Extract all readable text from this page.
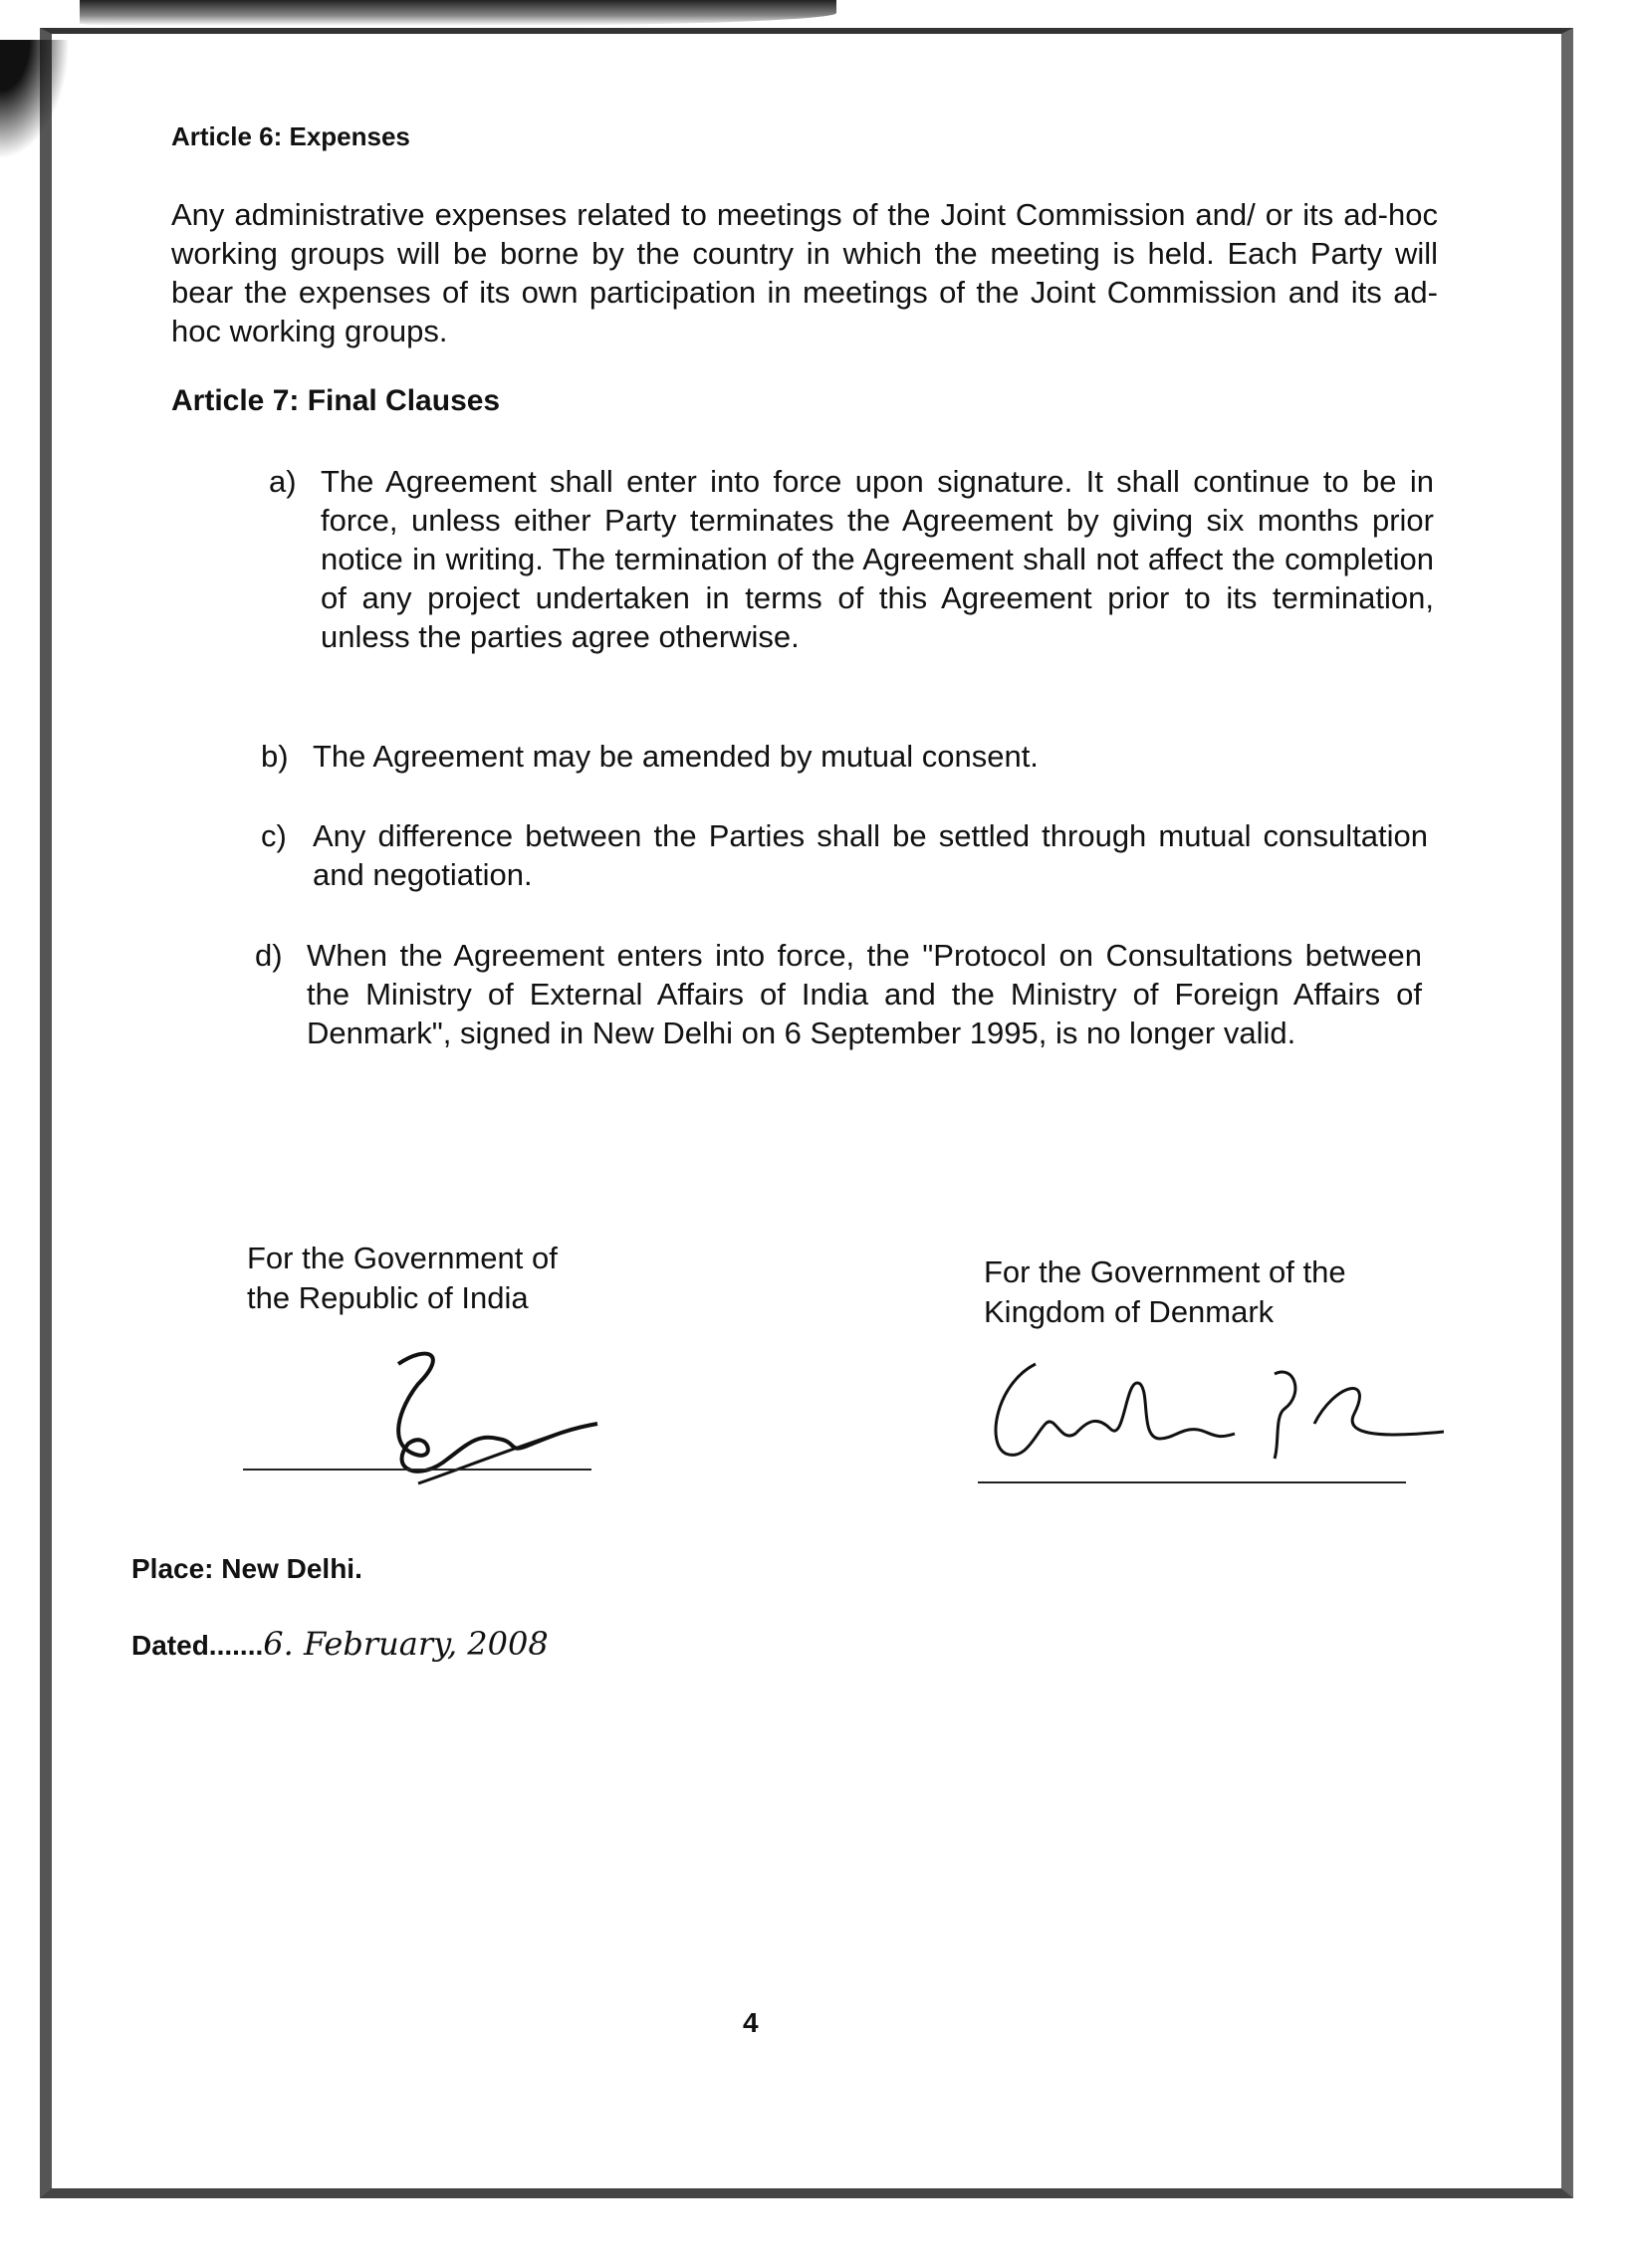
Article 6: Expenses
Any administrative expenses related to meetings of the Joint Commission and/ or its ad-hoc working groups will be borne by the country in which the meeting is held. Each Party will bear the expenses of its own participation in meetings of the Joint Commission and its ad-hoc working groups.
Article 7: Final Clauses
a) The Agreement shall enter into force upon signature. It shall continue to be in force, unless either Party terminates the Agreement by giving six months prior notice in writing. The termination of the Agreement shall not affect the completion of any project undertaken in terms of this Agreement prior to its termination, unless the parties agree otherwise.
b) The Agreement may be amended by mutual consent.
c) Any difference between the Parties shall be settled through mutual consultation and negotiation.
d) When the Agreement enters into force, the "Protocol on Consultations between the Ministry of External Affairs of India and the Ministry of Foreign Affairs of Denmark", signed in New Delhi on 6 September 1995, is no longer valid.
For the Government of
the Republic of India
For the Government of the
Kingdom of Denmark
Place: New Delhi.
Dated.......6. February, 2008
4
